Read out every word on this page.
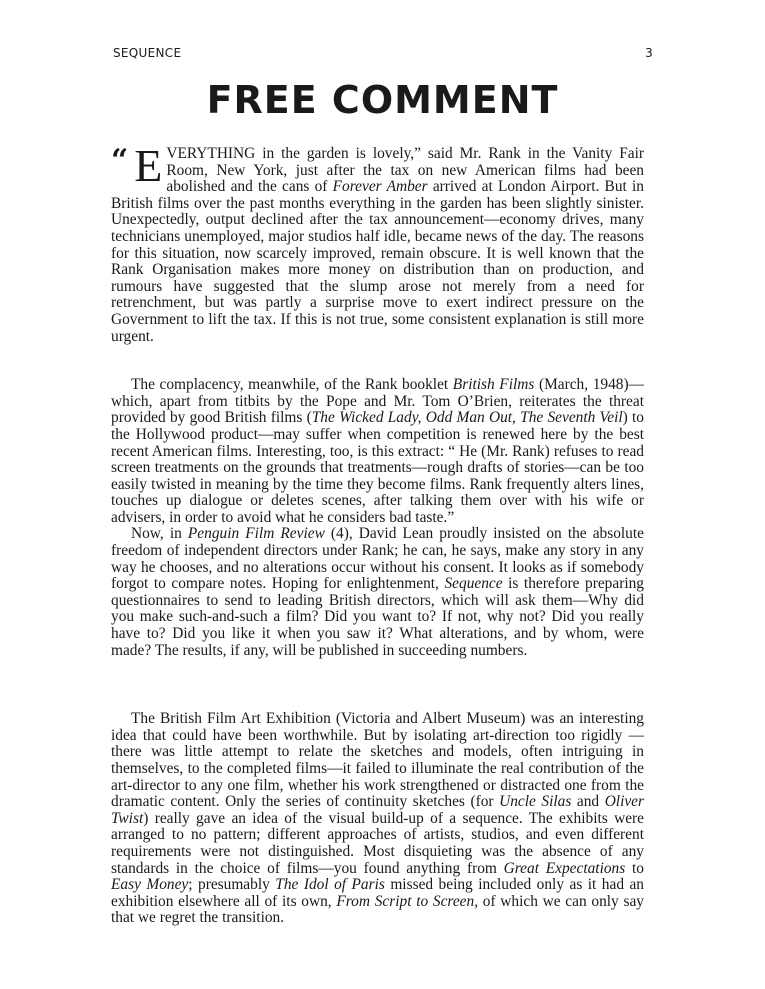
SEQUENCE	3
FREE COMMENT

“ E VERYTHING in the garden is lovely,” said Mr. Rank in the Vanity Fair Room, New York, just after the tax on new American films had been abolished and the cans of Forever Amber arrived at London Airport. But in British films over the past months everything in the garden has been slightly sinister. Unexpectedly, output declined after the tax announcement—economy drives, many technicians unemployed, major studios half idle, became news of the day. The reasons for this situation, now scarcely improved, remain obscure. It is well known that the Rank Organisation makes more money on distribution than on production, and rumours have suggested that the slump arose not merely from a need for retrenchment, but was partly a surprise move to exert indirect pressure on the Government to lift the tax. If this is not true, some consistent explanation is still more urgent.

The complacency, meanwhile, of the Rank booklet British Films (March, 1948)—which, apart from titbits by the Pope and Mr. Tom O’Brien, reiterates the threat provided by good British films (The Wicked Lady, Odd Man Out, The Seventh Veil) to the Hollywood product—may suffer when competition is renewed here by the best recent American films. Interesting, too, is this extract: “ He (Mr. Rank) refuses to read screen treatments on the grounds that treatments—rough drafts of stories—can be too easily twisted in meaning by the time they become films. Rank frequently alters lines, touches up dialogue or deletes scenes, after talking them over with his wife or advisers, in order to avoid what he considers bad taste.”

Now, in Penguin Film Review (4), David Lean proudly insisted on the absolute freedom of independent directors under Rank; he can, he says, make any story in any way he chooses, and no alterations occur without his consent. It looks as if somebody forgot to compare notes. Hoping for enlightenment, Sequence is therefore preparing questionnaires to send to leading British directors, which will ask them—Why did you make such-and-such a film? Did you want to? If not, why not? Did you really have to? Did you like it when you saw it? What alterations, and by whom, were made? The results, if any, will be published in succeeding numbers.

The British Film Art Exhibition (Victoria and Albert Museum) was an interesting idea that could have been worthwhile. But by isolating art-direction too rigidly — there was little attempt to relate the sketches and models, often intriguing in themselves, to the completed films—it failed to illuminate the real contribution of the art-director to any one film, whether his work strengthened or distracted one from the dramatic content. Only the series of continuity sketches (for Uncle Silas and Oliver Twist) really gave an idea of the visual build-up of a sequence. The exhibits were arranged to no pattern; different approaches of artists, studios, and even different requirements were not distinguished. Most disquieting was the absence of any standards in the choice of films—you found anything from Great Expectations to Easy Money; presumably The Idol of Paris missed being included only as it had an exhibition elsewhere all of its own, From Script to Screen, of which we can only say that we regret the transition.
